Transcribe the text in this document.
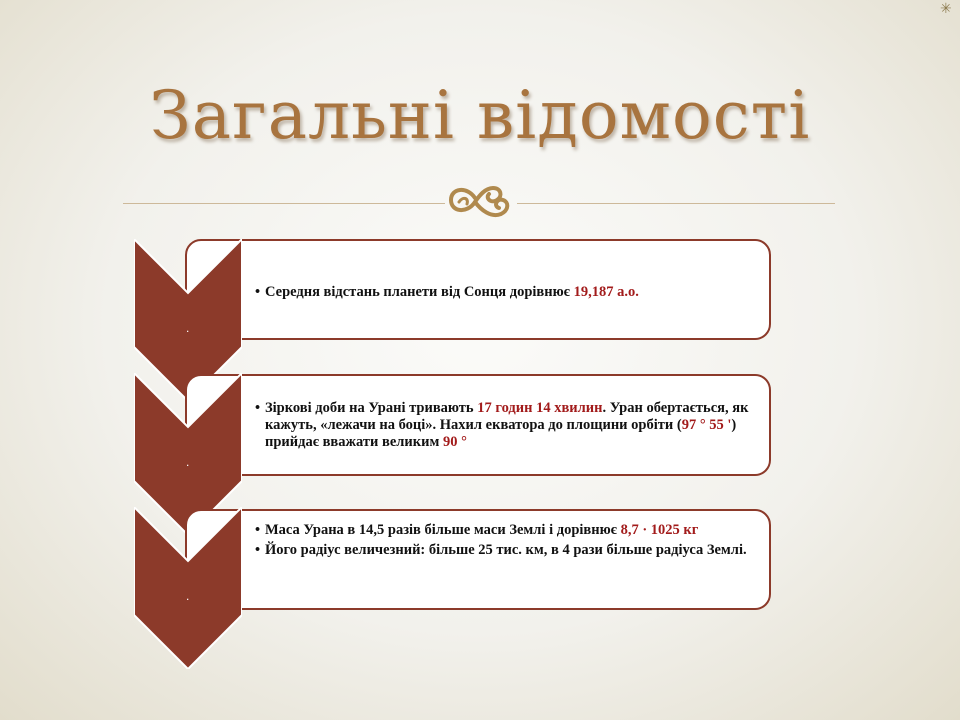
✳
Загальні відомості
• Середня відстань планети від Сонця дорівнює 19,187 а.о.
.
• Зіркові доби на Урані тривають 17 годин 14 хвилин. Уран обертається, як кажуть, «лежачи на боці». Нахил екватора до площини орбіти (97 ° 55 ') прийдає вважати великим 90 °
.
• Маса Урана в 14,5 разів більше маси Землі і дорівнює 8,7 · 1025 кг
• Його радіус величезний: більше 25 тис. км, в 4 рази більше радіуса Землі.
.
